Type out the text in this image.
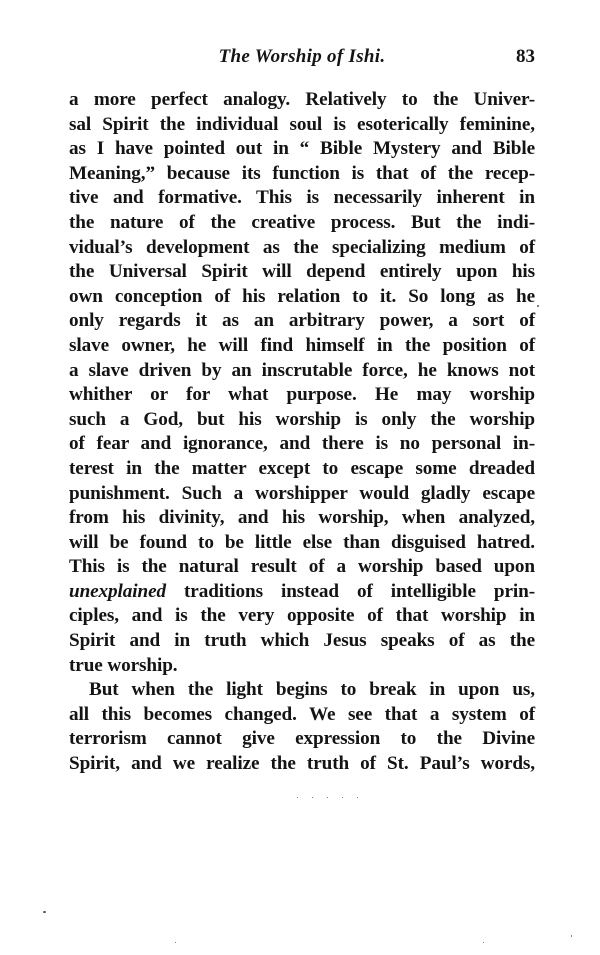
The Worship of Ishi.	83
a more perfect analogy. Relatively to the Univer-
sal Spirit the individual soul is esoterically feminine,
as I have pointed out in “ Bible Mystery and Bible
Meaning,” because its function is that of the recep-
tive and formative. This is necessarily inherent in
the nature of the creative process. But the indi-
vidual’s development as the specializing medium of
the Universal Spirit will depend entirely upon his
own conception of his relation to it. So long as he
only regards it as an arbitrary power, a sort of
slave owner, he will find himself in the position of
a slave driven by an inscrutable force, he knows not
whither or for what purpose. He may worship
such a God, but his worship is only the worship
of fear and ignorance, and there is no personal in-
terest in the matter except to escape some dreaded
punishment. Such a worshipper would gladly escape
from his divinity, and his worship, when analyzed,
will be found to be little else than disguised hatred.
This is the natural result of a worship based upon
unexplained traditions instead of intelligible prin-
ciples, and is the very opposite of that worship in
Spirit and in truth which Jesus speaks of as the
true worship.
But when the light begins to break in upon us,
all this becomes changed. We see that a system of
terrorism cannot give expression to the Divine
Spirit, and we realize the truth of St. Paul’s words,
